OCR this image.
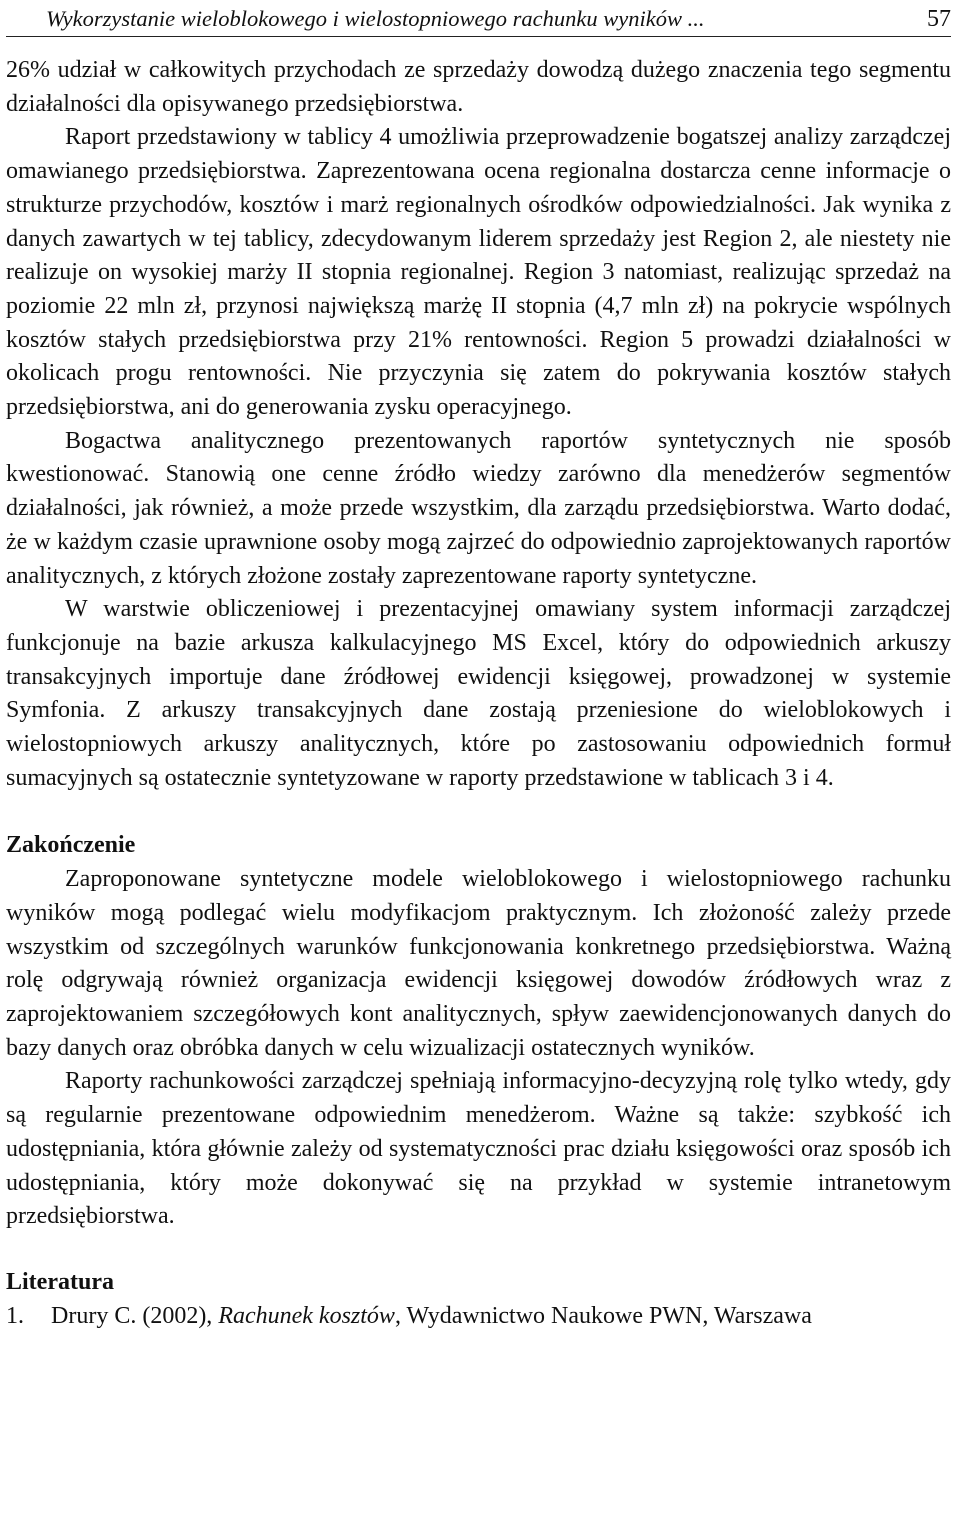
Wykorzystanie wieloblokowego i wielostopniowego rachunku wyników ...	57

26% udział w całkowitych przychodach ze sprzedaży dowodzą dużego znaczenia tego segmentu działalności dla opisywanego przedsiębiorstwa.

Raport przedstawiony w tablicy 4 umożliwia przeprowadzenie bogatszej analizy zarządczej omawianego przedsiębiorstwa. Zaprezentowana ocena regionalna dostarcza cenne informacje o strukturze przychodów, kosztów i marż regionalnych ośrodków odpowiedzialności. Jak wynika z danych zawartych w tej tablicy, zdecydowanym liderem sprzedaży jest Region 2, ale niestety nie realizuje on wysokiej marży II stopnia regionalnej. Region 3 natomiast, realizując sprzedaż na poziomie 22 mln zł, przynosi największą marżę II stopnia (4,7 mln zł) na pokrycie wspólnych kosztów stałych przedsiębiorstwa przy 21% rentowności. Region 5 prowadzi działalności w okolicach progu rentowności. Nie przyczynia się zatem do pokrywania kosztów stałych przedsiębiorstwa, ani do generowania zysku operacyjnego.

Bogactwa analitycznego prezentowanych raportów syntetycznych nie sposób kwestionować. Stanowią one cenne źródło wiedzy zarówno dla menedżerów segmentów działalności, jak również, a może przede wszystkim, dla zarządu przedsiębiorstwa. Warto dodać, że w każdym czasie uprawnione osoby mogą zajrzeć do odpowiednio zaprojektowanych raportów analitycznych, z których złożone zostały zaprezentowane raporty syntetyczne.

W warstwie obliczeniowej i prezentacyjnej omawiany system informacji zarządczej funkcjonuje na bazie arkusza kalkulacyjnego MS Excel, który do odpowiednich arkuszy transakcyjnych importuje dane źródłowej ewidencji księgowej, prowadzonej w systemie Symfonia. Z arkuszy transakcyjnych dane zostają przeniesione do wieloblokowych i wielostopniowych arkuszy analitycznych, które po zastosowaniu odpowiednich formuł sumacyjnych są ostatecznie syntetyzowane w raporty przedstawione w tablicach 3 i 4.

Zakończenie

Zaproponowane syntetyczne modele wieloblokowego i wielostopniowego rachunku wyników mogą podlegać wielu modyfikacjom praktycznym. Ich złożoność zależy przede wszystkim od szczególnych warunków funkcjonowania konkretnego przedsiębiorstwa. Ważną rolę odgrywają również organizacja ewidencji księgowej dowodów źródłowych wraz z zaprojektowaniem szczegółowych kont analitycznych, spływ zaewidencjonowanych danych do bazy danych oraz obróbka danych w celu wizualizacji ostatecznych wyników.

Raporty rachunkowości zarządczej spełniają informacyjno-decyzyjną rolę tylko wtedy, gdy są regularnie prezentowane odpowiednim menedżerom. Ważne są także: szybkość ich udostępniania, która głównie zależy od systematyczności prac działu księgowości oraz sposób ich udostępniania, który może dokonywać się na przykład w systemie intranetowym przedsiębiorstwa.

Literatura
1. Drury C. (2002), Rachunek kosztów, Wydawnictwo Naukowe PWN, Warszawa
